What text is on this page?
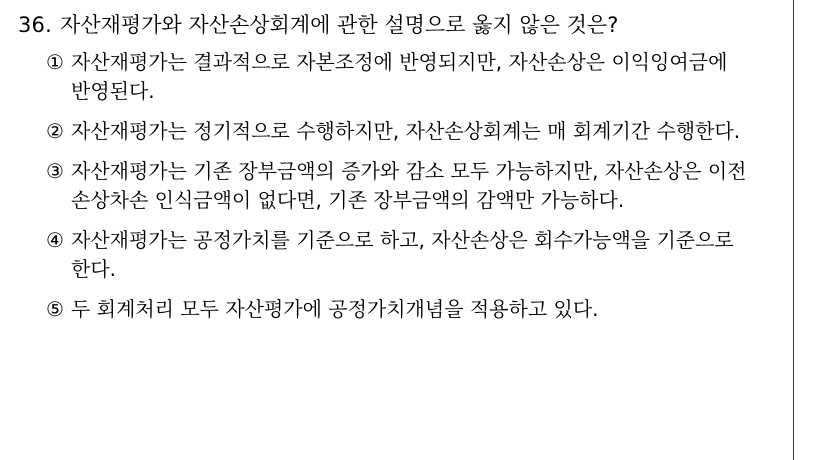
36. 자산재평가와 자산손상회계에 관한 설명으로 옳지 않은 것은?
① 자산재평가는 결과적으로 자본조정에 반영되지만, 자산손상은 이익잉여금에 반영된다.
② 자산재평가는 정기적으로 수행하지만, 자산손상회계는 매 회계기간 수행한다.
③ 자산재평가는 기존 장부금액의 증가와 감소 모두 가능하지만, 자산손상은 이전 손상차손 인식금액이 없다면, 기존 장부금액의 감액만 가능하다.
④ 자산재평가는 공정가치를 기준으로 하고, 자산손상은 회수가능액을 기준으로 한다.
⑤ 두 회계처리 모두 자산평가에 공정가치개념을 적용하고 있다.
